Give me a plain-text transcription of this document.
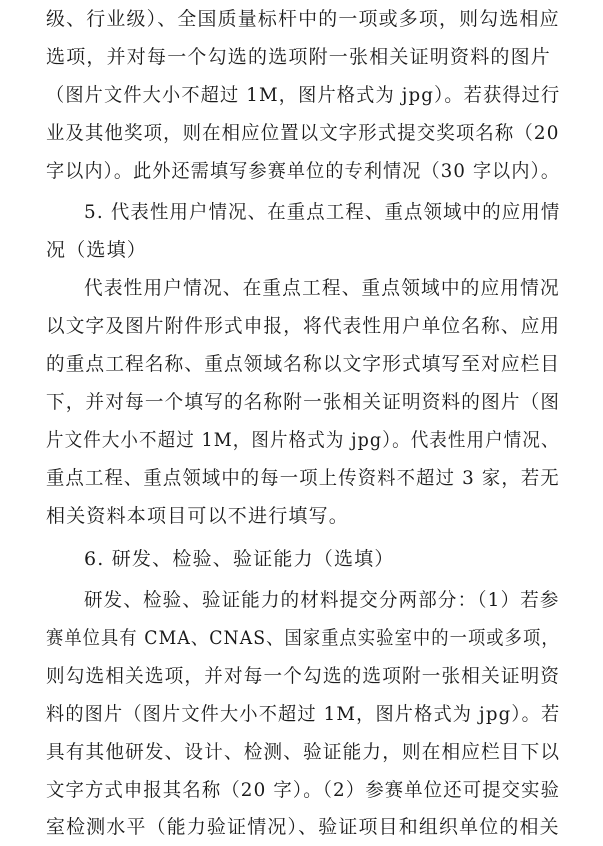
级、行业级）、全国质量标杆中的一项或多项，则勾选相应
选项，并对每一个勾选的选项附一张相关证明资料的图片
（图片文件大小不超过 1M，图片格式为 jpg）。若获得过行
业及其他奖项，则在相应位置以文字形式提交奖项名称（20
字以内）。此外还需填写参赛单位的专利情况（30 字以内）。
5. 代表性用户情况、在重点工程、重点领域中的应用情
况（选填）
代表性用户情况、在重点工程、重点领域中的应用情况
以文字及图片附件形式申报，将代表性用户单位名称、应用
的重点工程名称、重点领域名称以文字形式填写至对应栏目
下，并对每一个填写的名称附一张相关证明资料的图片（图
片文件大小不超过 1M，图片格式为 jpg）。代表性用户情况、
重点工程、重点领域中的每一项上传资料不超过 3 家，若无
相关资料本项目可以不进行填写。
6. 研发、检验、验证能力（选填）
研发、检验、验证能力的材料提交分两部分：（1）若参
赛单位具有 CMA、CNAS、国家重点实验室中的一项或多项，
则勾选相关选项，并对每一个勾选的选项附一张相关证明资
料的图片（图片文件大小不超过 1M，图片格式为 jpg）。若
具有其他研发、设计、检测、验证能力，则在相应栏目下以
文字方式申报其名称（20 字）。（2）参赛单位还可提交实验
室检测水平（能力验证情况）、验证项目和组织单位的相关
